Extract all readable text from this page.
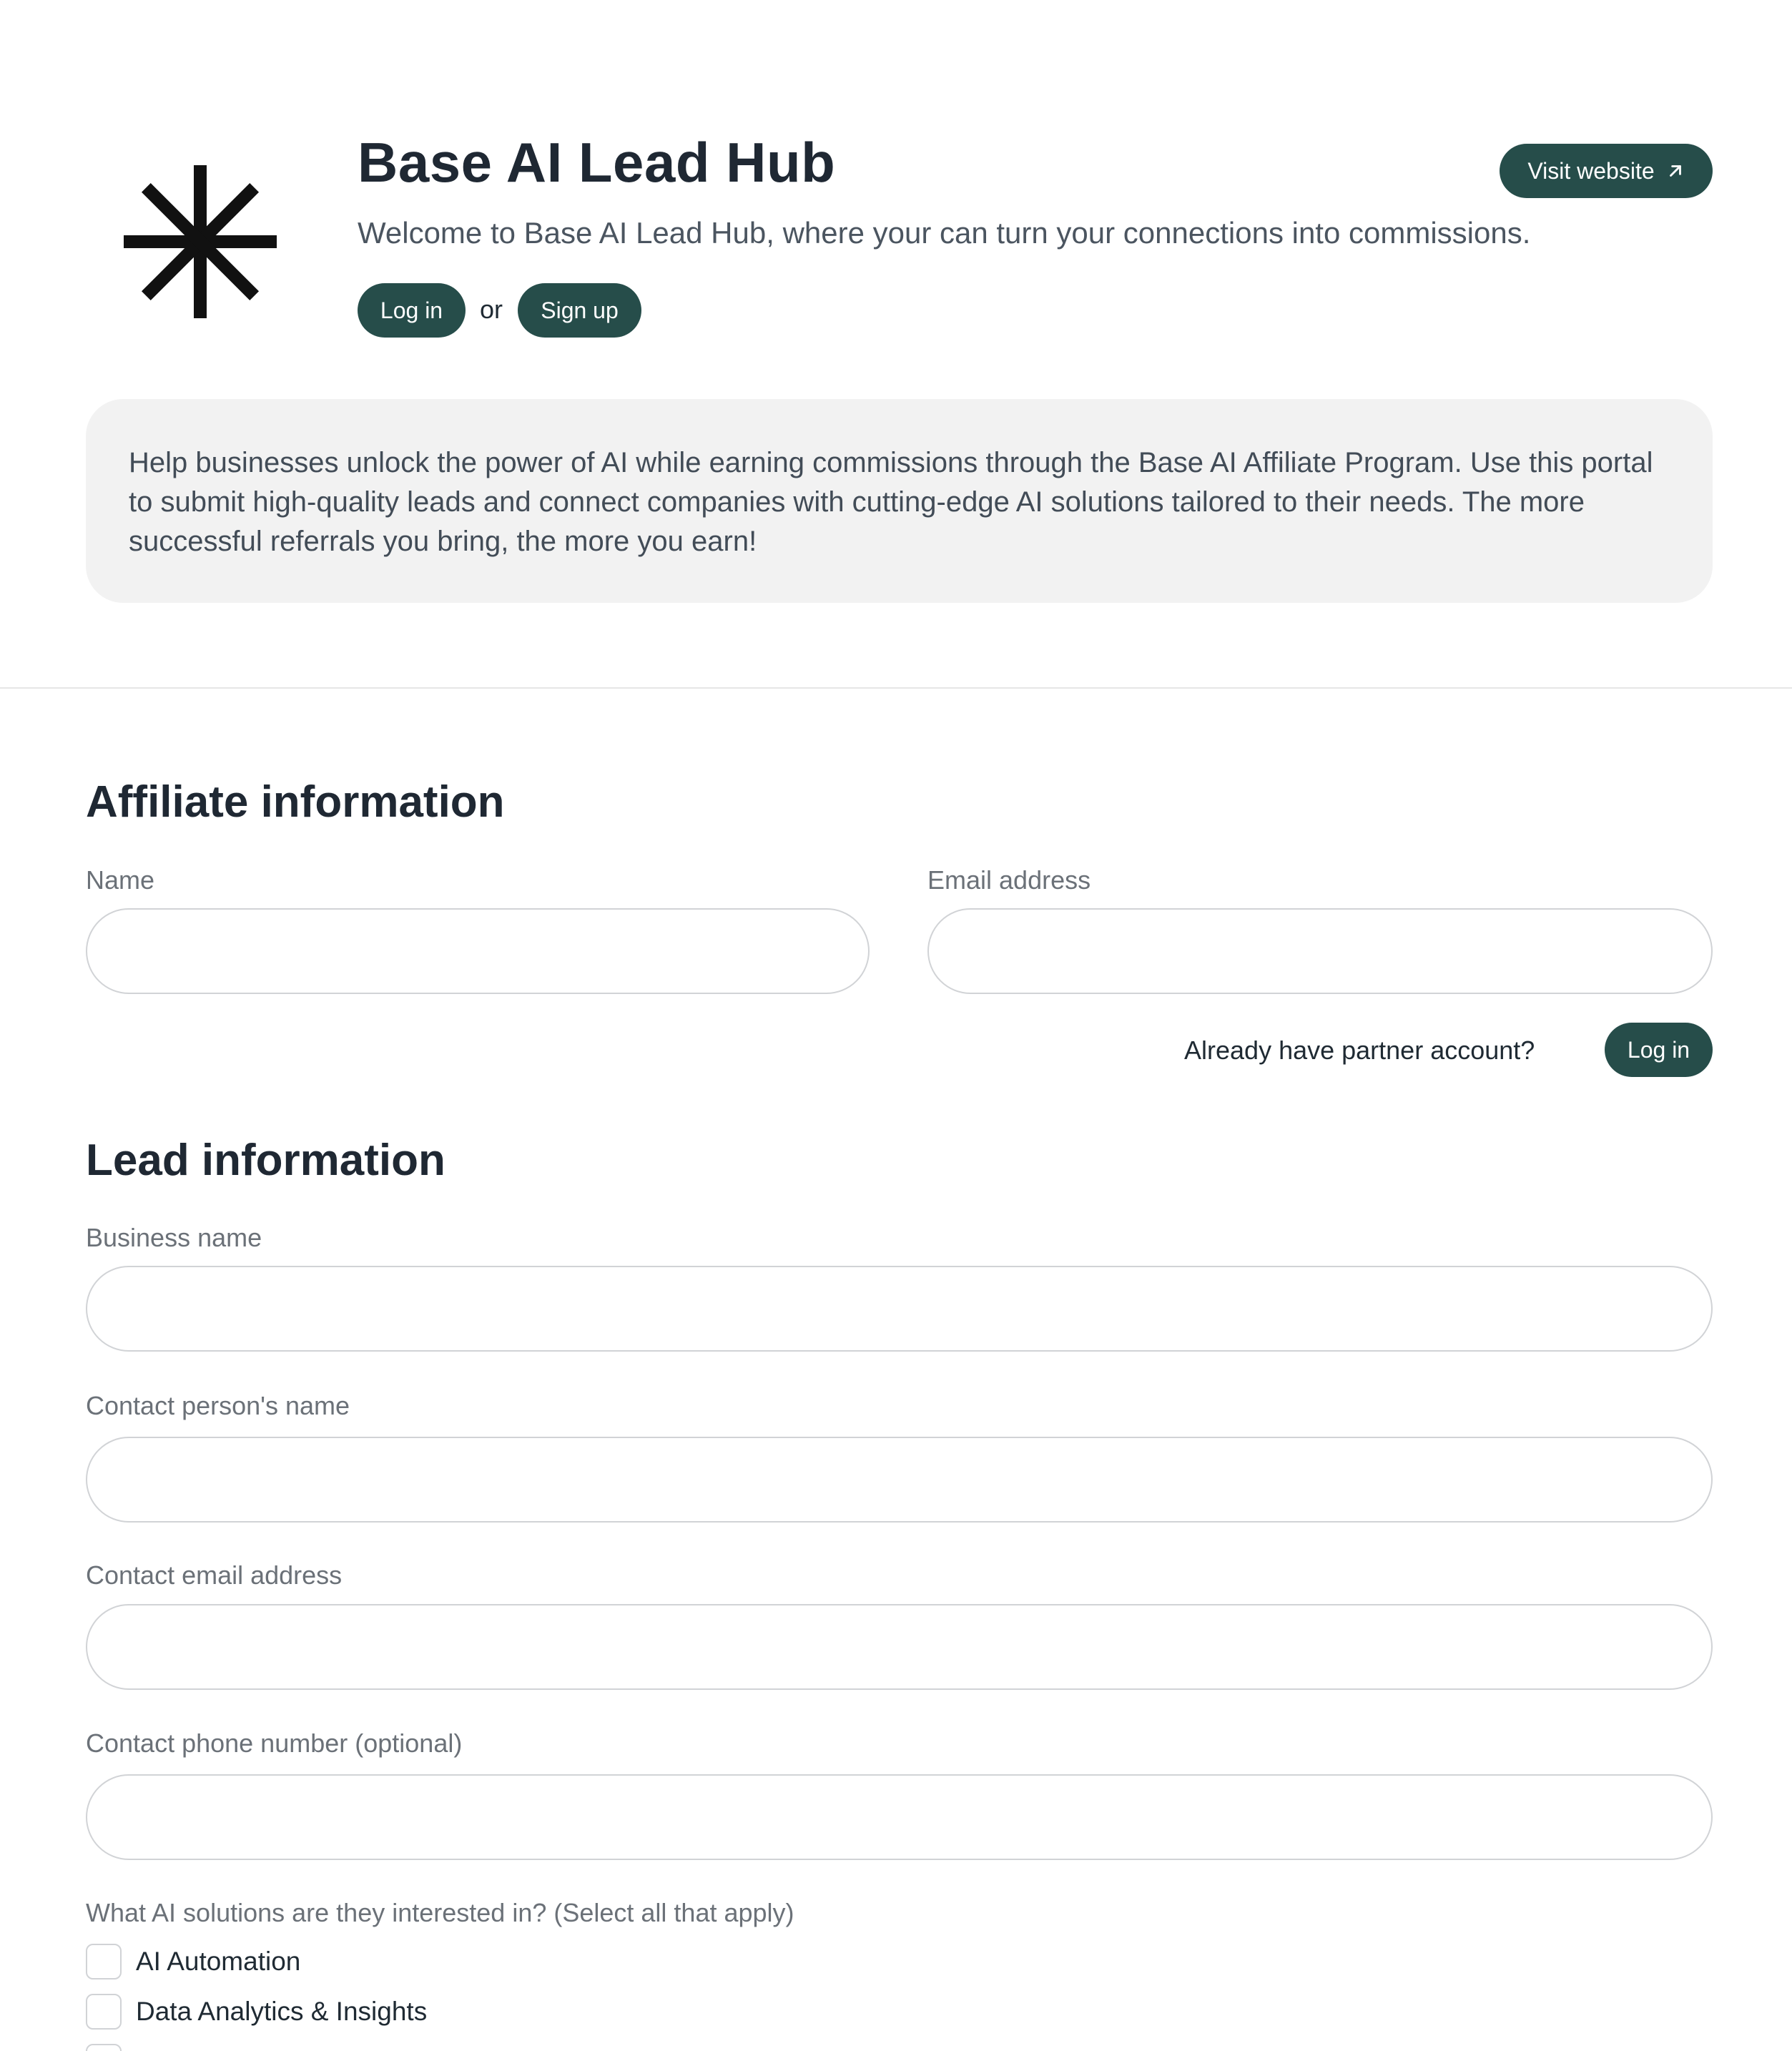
Base AI Lead Hub

Welcome to Base AI Lead Hub, where your can turn your connections into commissions.

Log in	or	Sign up
Visit website

Help businesses unlock the power of AI while earning commissions through the Base AI Affiliate Program. Use this portal to submit high-quality leads and connect companies with cutting-edge AI solutions tailored to their needs. The more successful referrals you bring, the more you earn!

Affiliate information
Name	Email address
Already have partner account?	Log in
Lead information
Business name
Contact person's name
Contact email address
Contact phone number (optional)
What AI solutions are they interested in? (Select all that apply)
AI Automation
Data Analytics & Insights
